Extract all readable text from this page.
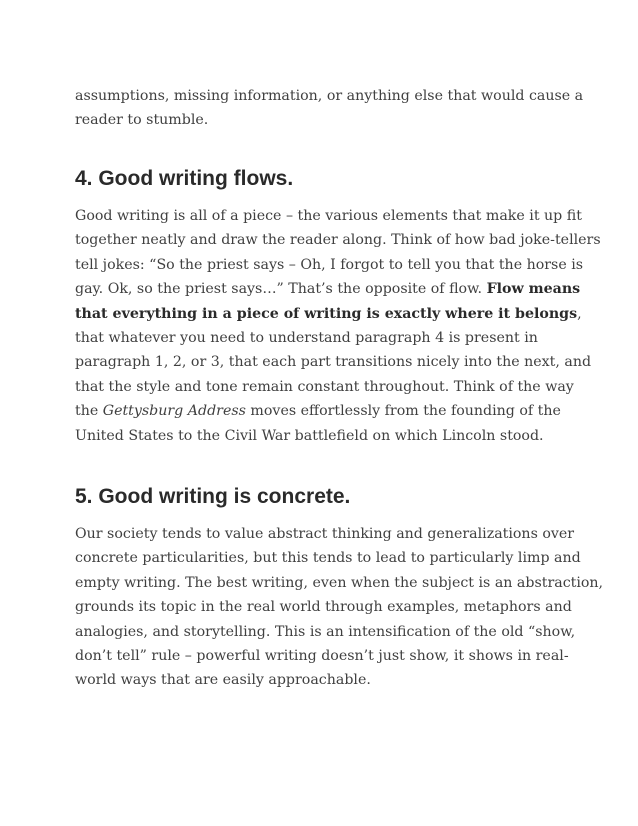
assumptions, missing information, or anything else that would cause a
reader to stumble.

4. Good writing flows.

Good writing is all of a piece – the various elements that make it up fit
together neatly and draw the reader along. Think of how bad joke-tellers
tell jokes: “So the priest says – Oh, I forgot to tell you that the horse is
gay. Ok, so the priest says…” That’s the opposite of flow. Flow means
that everything in a piece of writing is exactly where it belongs,
that whatever you need to understand paragraph 4 is present in
paragraph 1, 2, or 3, that each part transitions nicely into the next, and
that the style and tone remain constant throughout. Think of the way
the Gettysburg Address moves effortlessly from the founding of the
United States to the Civil War battlefield on which Lincoln stood.

5. Good writing is concrete.

Our society tends to value abstract thinking and generalizations over
concrete particularities, but this tends to lead to particularly limp and
empty writing. The best writing, even when the subject is an abstraction,
grounds its topic in the real world through examples, metaphors and
analogies, and storytelling. This is an intensification of the old “show,
don’t tell” rule – powerful writing doesn’t just show, it shows in real-
world ways that are easily approachable.
